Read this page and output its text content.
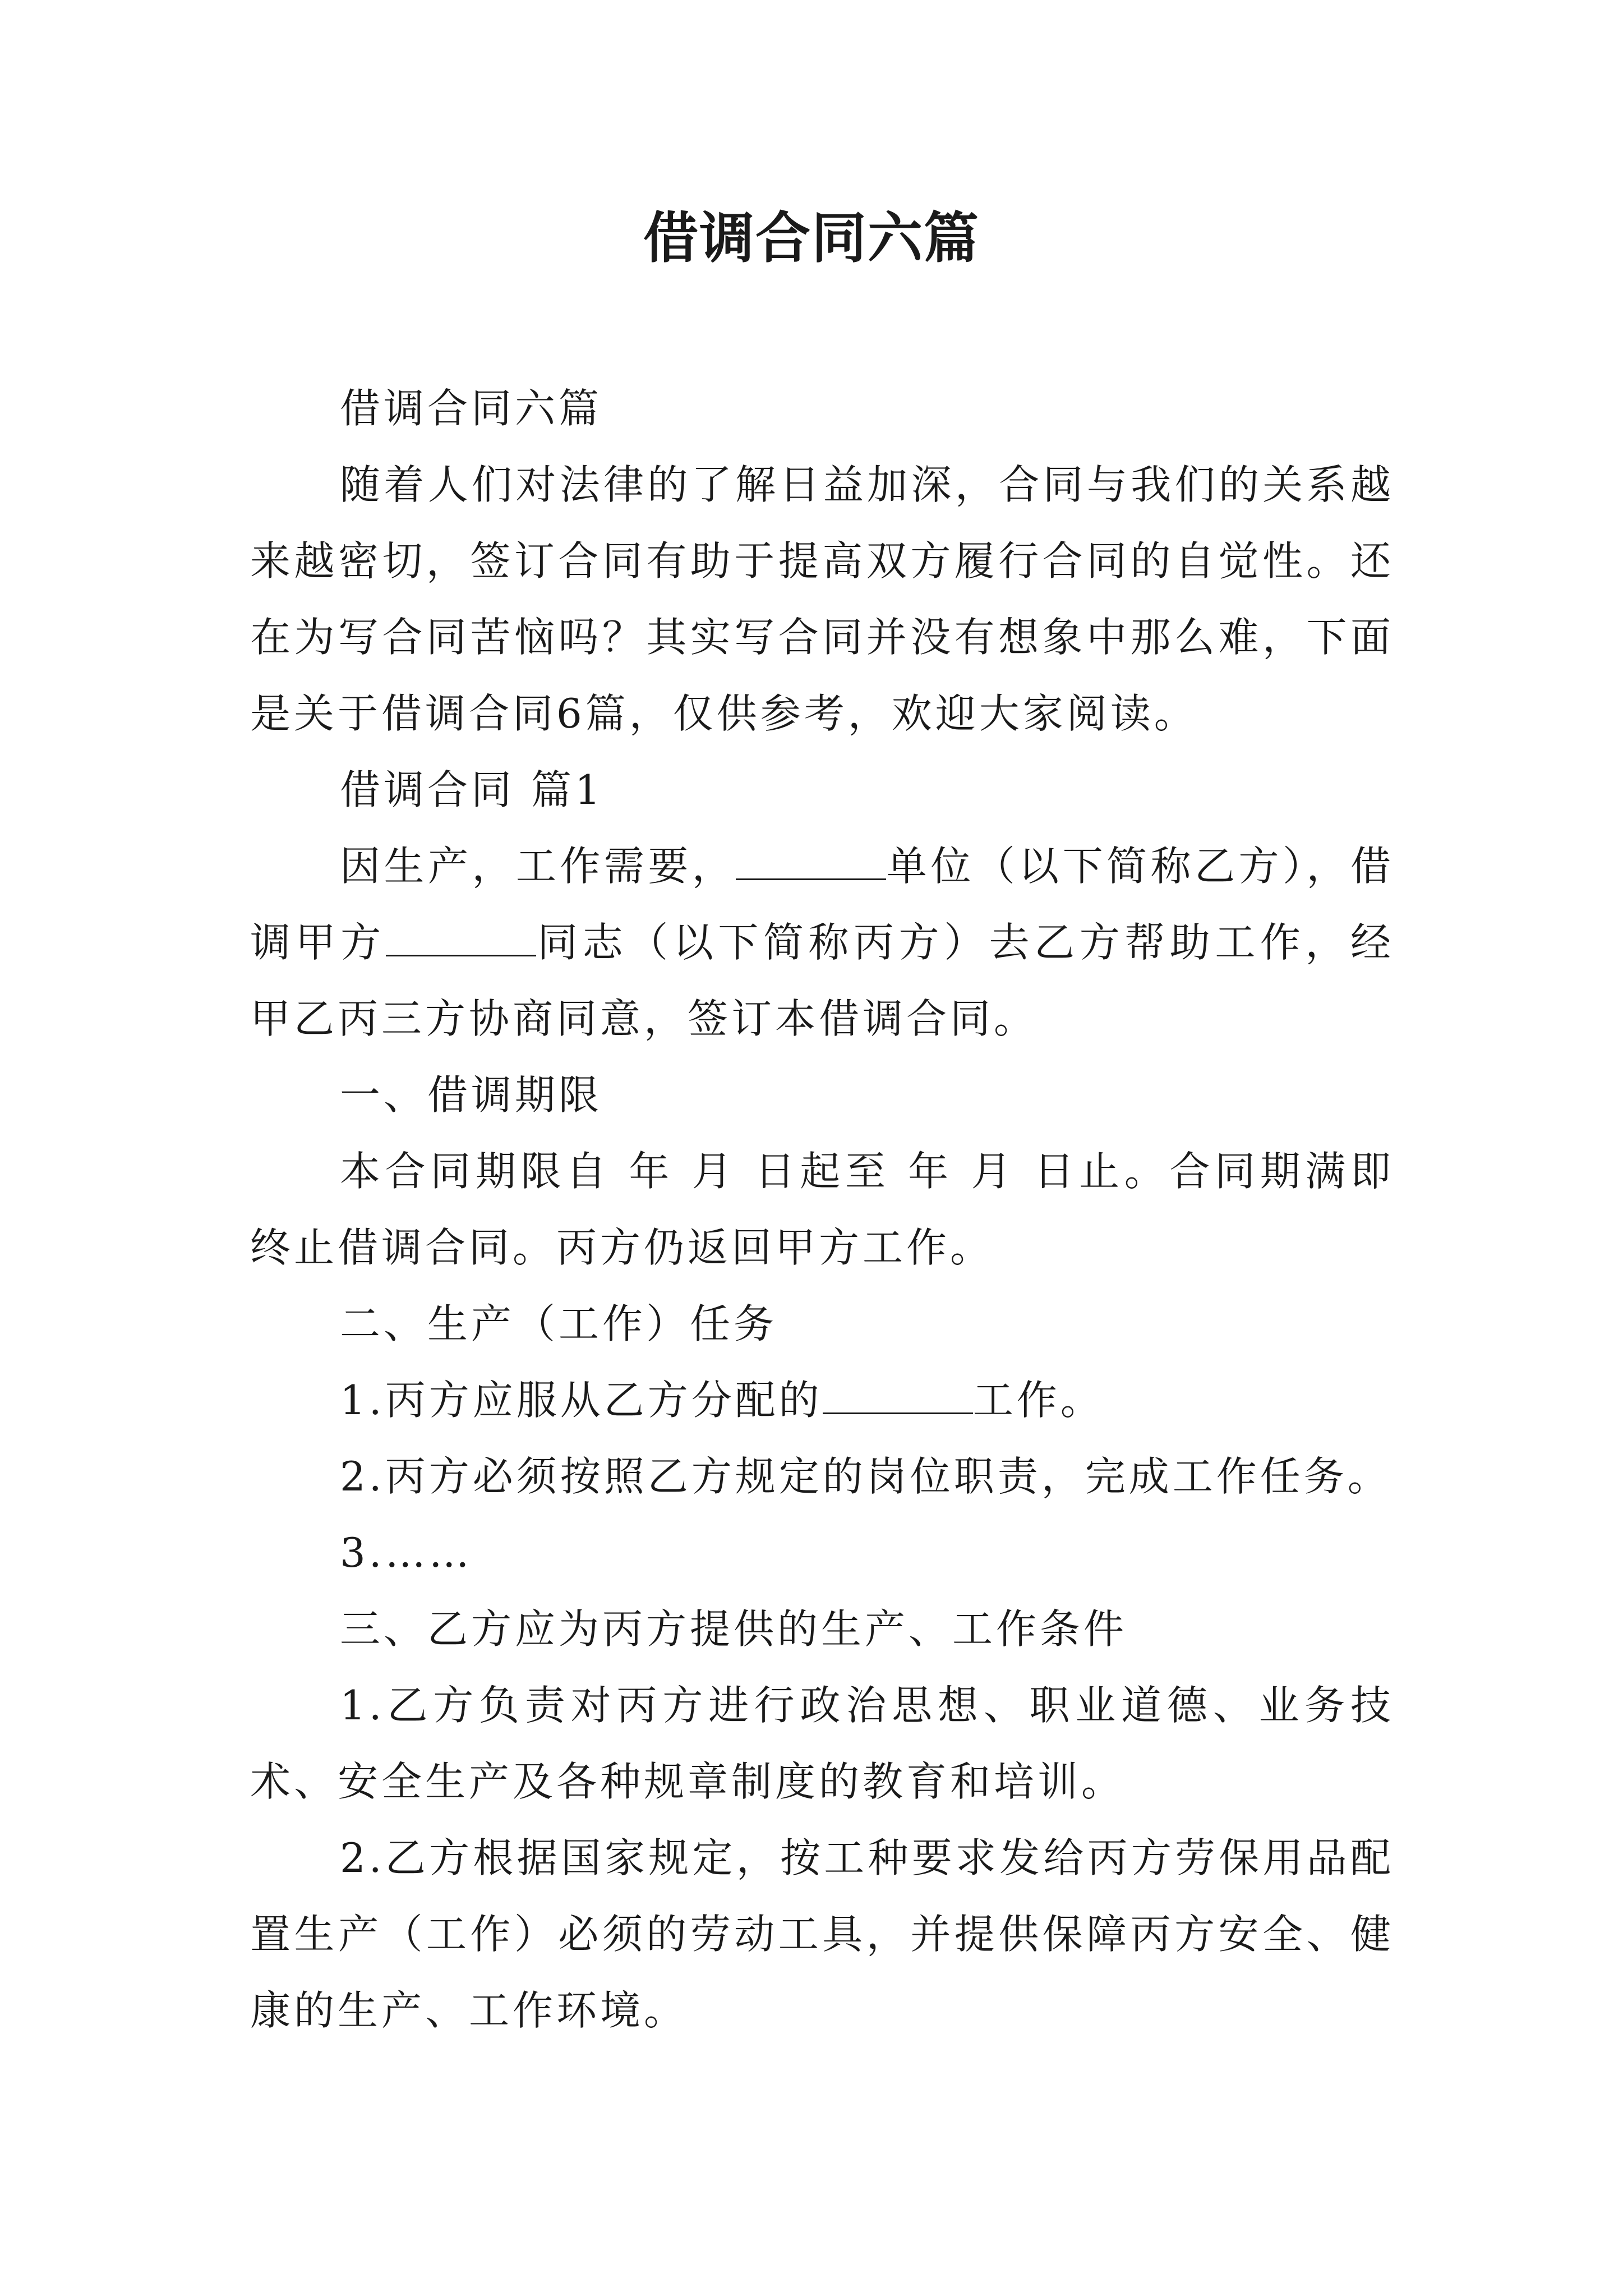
借调合同六篇

借调合同六篇

随着人们对法律的了解日益加深，合同与我们的关系越来越密切，签订合同有助于提高双方履行合同的自觉性。还在为写合同苦恼吗？其实写合同并没有想象中那么难，下面是关于借调合同6篇，仅供参考，欢迎大家阅读。

借调合同 篇1

因生产，工作需要，	单位（以下简称乙方），借调甲方	同志（以下简称丙方）去乙方帮助工作，经甲乙丙三方协商同意，签订本借调合同。

一、借调期限

本合同期限自 年 月 日起至 年 月 日止。合同期满即终止借调合同。丙方仍返回甲方工作。

二、生产（工作）任务

1.丙方应服从乙方分配的	工作。

2.丙方必须按照乙方规定的岗位职责，完成工作任务。

3.……

三、乙方应为丙方提供的生产、工作条件

1.乙方负责对丙方进行政治思想、职业道德、业务技术、安全生产及各种规章制度的教育和培训。

2.乙方根据国家规定，按工种要求发给丙方劳保用品配置生产（工作）必须的劳动工具，并提供保障丙方安全、健康的生产、工作环境。
